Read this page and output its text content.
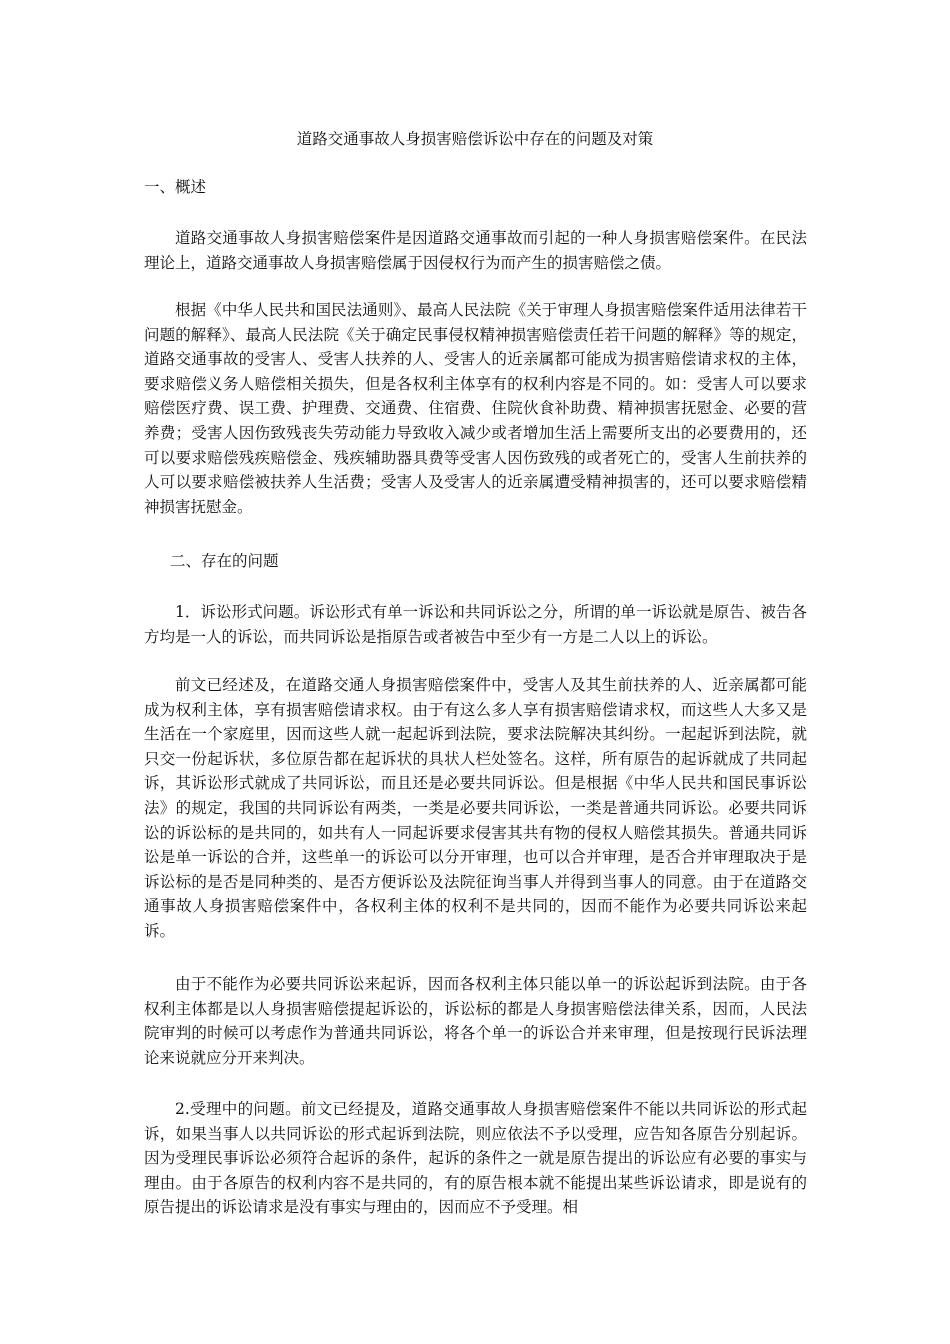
道路交通事故人身损害赔偿诉讼中存在的问题及对策
一、概述

道路交通事故人身损害赔偿案件是因道路交通事故而引起的一种人身损害赔偿案件。在民法理论上，道路交通事故人身损害赔偿属于因侵权行为而产生的损害赔偿之债。

根据《中华人民共和国民法通则》、最高人民法院《关于审理人身损害赔偿案件适用法律若干问题的解释》、最高人民法院《关于确定民事侵权精神损害赔偿责任若干问题的解释》等的规定，道路交通事故的受害人、受害人扶养的人、受害人的近亲属都可能成为损害赔偿请求权的主体，要求赔偿义务人赔偿相关损失，但是各权利主体享有的权利内容是不同的。如：受害人可以要求赔偿医疗费、误工费、护理费、交通费、住宿费、住院伙食补助费、精神损害抚慰金、必要的营养费；受害人因伤致残丧失劳动能力导致收入减少或者增加生活上需要所支出的必要费用的，还可以要求赔偿残疾赔偿金、残疾辅助器具费等受害人因伤致残的或者死亡的，受害人生前扶养的人可以要求赔偿被扶养人生活费；受害人及受害人的近亲属遭受精神损害的，还可以要求赔偿精神损害抚慰金。

二、存在的问题

1．诉讼形式问题。诉讼形式有单一诉讼和共同诉讼之分，所谓的单一诉讼就是原告、被告各方均是一人的诉讼，而共同诉讼是指原告或者被告中至少有一方是二人以上的诉讼。

前文已经述及，在道路交通人身损害赔偿案件中，受害人及其生前扶养的人、近亲属都可能成为权利主体，享有损害赔偿请求权。由于有这么多人享有损害赔偿请求权，而这些人大多又是生活在一个家庭里，因而这些人就一起起诉到法院，要求法院解决其纠纷。一起起诉到法院，就只交一份起诉状，多位原告都在起诉状的具状人栏处签名。这样，所有原告的起诉就成了共同起诉，其诉讼形式就成了共同诉讼，而且还是必要共同诉讼。但是根据《中华人民共和国民事诉讼法》的规定，我国的共同诉讼有两类，一类是必要共同诉讼，一类是普通共同诉讼。必要共同诉讼的诉讼标的是共同的，如共有人一同起诉要求侵害其共有物的侵权人赔偿其损失。普通共同诉讼是单一诉讼的合并，这些单一的诉讼可以分开审理，也可以合并审理，是否合并审理取决于是诉讼标的是否是同种类的、是否方便诉讼及法院征询当事人并得到当事人的同意。由于在道路交通事故人身损害赔偿案件中，各权利主体的权利不是共同的，因而不能作为必要共同诉讼来起诉。

由于不能作为必要共同诉讼来起诉，因而各权利主体只能以单一的诉讼起诉到法院。由于各权利主体都是以人身损害赔偿提起诉讼的，诉讼标的都是人身损害赔偿法律关系，因而，人民法院审判的时候可以考虑作为普通共同诉讼，将各个单一的诉讼合并来审理，但是按现行民诉法理论来说就应分开来判决。

2.受理中的问题。前文已经提及，道路交通事故人身损害赔偿案件不能以共同诉讼的形式起诉，如果当事人以共同诉讼的形式起诉到法院，则应依法不予以受理，应告知各原告分别起诉。因为受理民事诉讼必须符合起诉的条件，起诉的条件之一就是原告提出的诉讼应有必要的事实与理由。由于各原告的权利内容不是共同的，有的原告根本就不能提出某些诉讼请求，即是说有的原告提出的诉讼请求是没有事实与理由的，因而应不予受理。相
